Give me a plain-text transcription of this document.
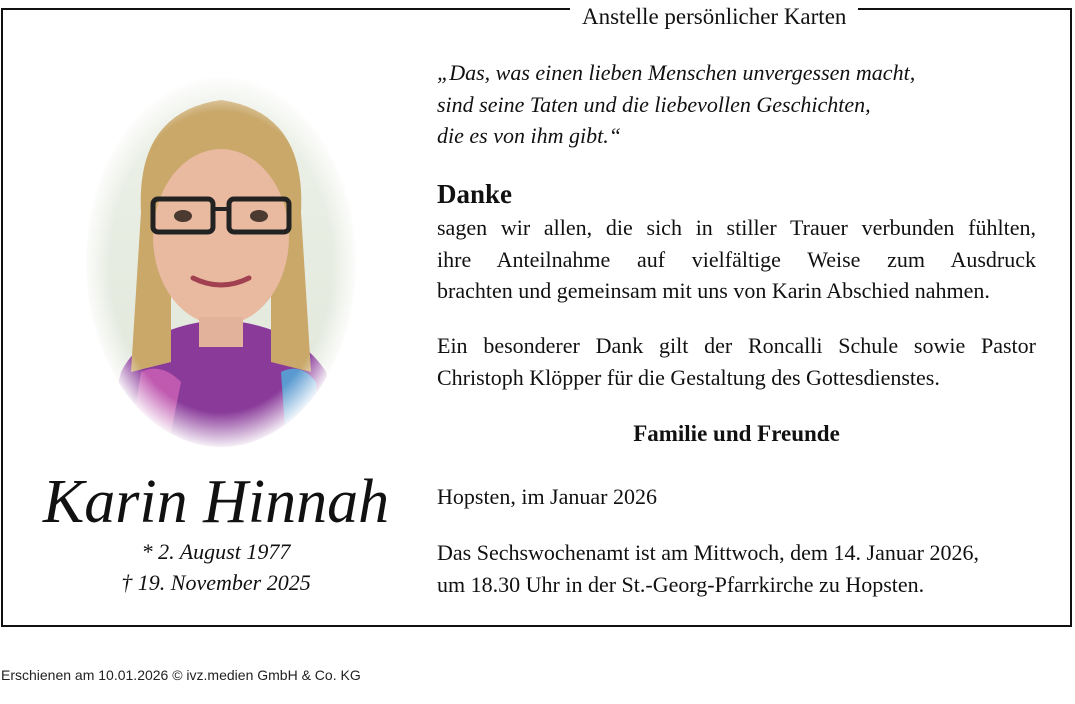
Anstelle persönlicher Karten
Karin Hinnah
* 2. August 1977
† 19. November 2025
„Das, was einen lieben Menschen unvergessen macht,
sind seine Taten und die liebevollen Geschichten,
die es von ihm gibt.“
Danke
sagen wir allen, die sich in stiller Trauer verbunden fühlten,
ihre Anteilnahme auf vielfältige Weise zum Ausdruck
brachten und gemeinsam mit uns von Karin Abschied nahmen.
Ein besonderer Dank gilt der Roncalli Schule sowie Pastor
Christoph Klöpper für die Gestaltung des Gottesdienstes.
Familie und Freunde
Hopsten, im Januar 2026
Das Sechswochenamt ist am Mittwoch, dem 14. Januar 2026,
um 18.30 Uhr in der St.-Georg-Pfarrkirche zu Hopsten.
Erschienen am 10.01.2026 © ivz.medien GmbH & Co. KG
